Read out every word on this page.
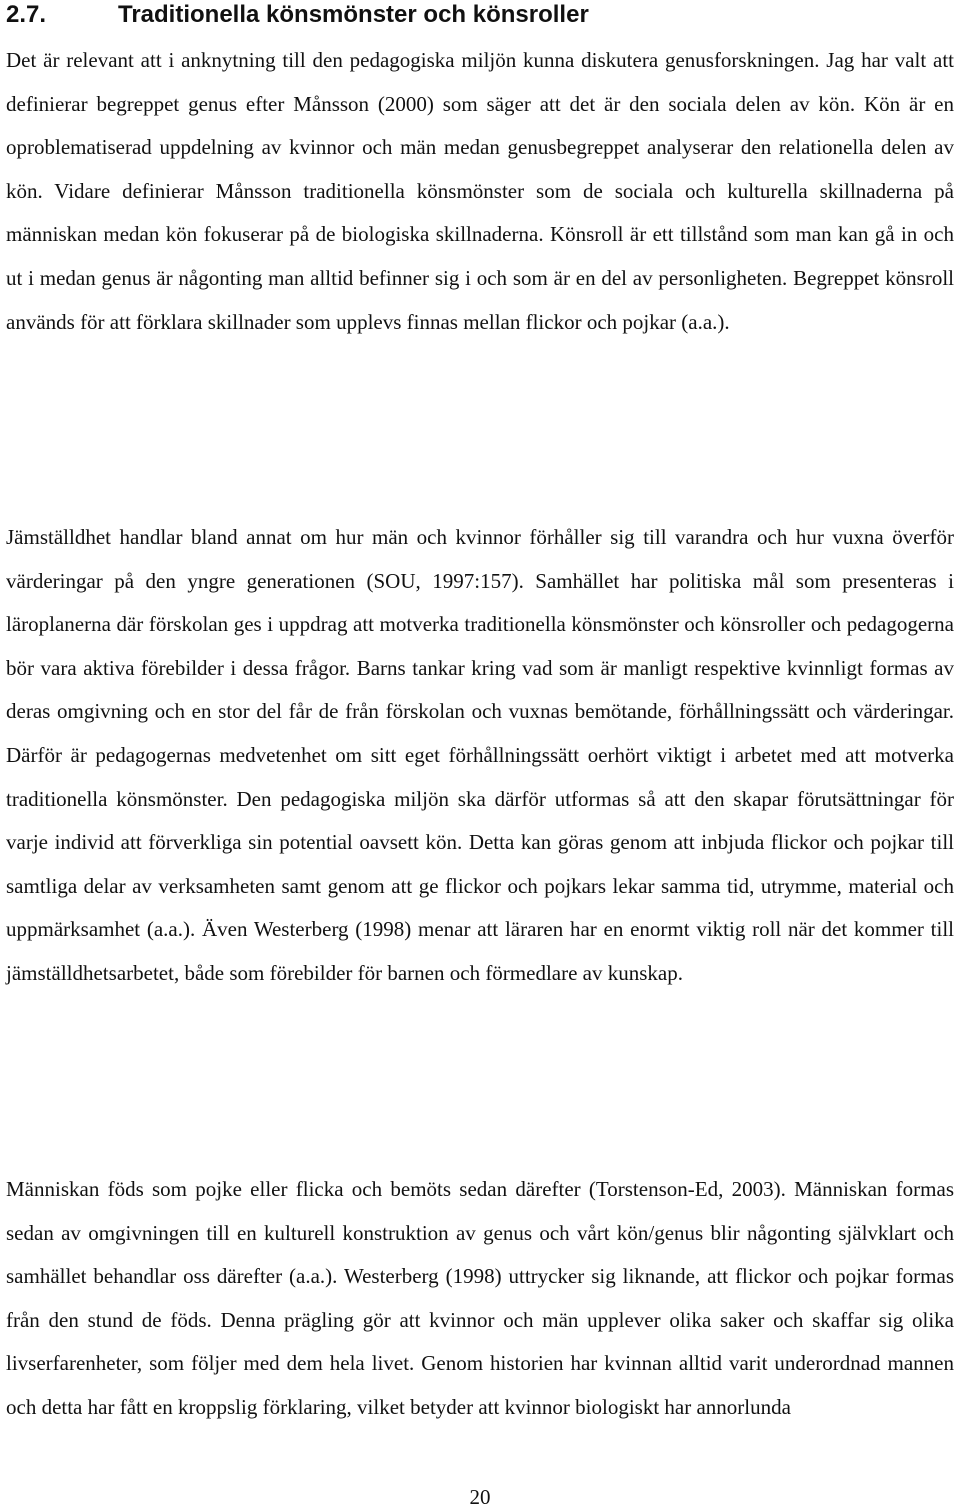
2.7.	Traditionella könsmönster och könsroller

Det är relevant att i anknytning till den pedagogiska miljön kunna diskutera genusforskningen. Jag har valt att definierar begreppet genus efter Månsson (2000) som säger att det är den sociala delen av kön. Kön är en oproblematiserad uppdelning av kvinnor och män medan genusbegreppet analyserar den relationella delen av kön. Vidare definierar Månsson traditionella könsmönster som de sociala och kulturella skillnaderna på människan medan kön fokuserar på de biologiska skillnaderna. Könsroll är ett tillstånd som man kan gå in och ut i medan genus är någonting man alltid befinner sig i och som är en del av personligheten. Begreppet könsroll används för att förklara skillnader som upplevs finnas mellan flickor och pojkar (a.a.).

Jämställdhet handlar bland annat om hur män och kvinnor förhåller sig till varandra och hur vuxna överför värderingar på den yngre generationen (SOU, 1997:157). Samhället har politiska mål som presenteras i läroplanerna där förskolan ges i uppdrag att motverka traditionella könsmönster och könsroller och pedagogerna bör vara aktiva förebilder i dessa frågor. Barns tankar kring vad som är manligt respektive kvinnligt formas av deras omgivning och en stor del får de från förskolan och vuxnas bemötande, förhållningssätt och värderingar. Därför är pedagogernas medvetenhet om sitt eget förhållningssätt oerhört viktigt i arbetet med att motverka traditionella könsmönster. Den pedagogiska miljön ska därför utformas så att den skapar förutsättningar för varje individ att förverkliga sin potential oavsett kön. Detta kan göras genom att inbjuda flickor och pojkar till samtliga delar av verksamheten samt genom att ge flickor och pojkars lekar samma tid, utrymme, material och uppmärksamhet (a.a.). Även Westerberg (1998) menar att läraren har en enormt viktig roll när det kommer till jämställdhetsarbetet, både som förebilder för barnen och förmedlare av kunskap.

Människan föds som pojke eller flicka och bemöts sedan därefter (Torstenson-Ed, 2003). Människan formas sedan av omgivningen till en kulturell konstruktion av genus och vårt kön/genus blir någonting självklart och samhället behandlar oss därefter (a.a.). Westerberg (1998) uttrycker sig liknande, att flickor och pojkar formas från den stund de föds. Denna prägling gör att kvinnor och män upplever olika saker och skaffar sig olika livserfarenheter, som följer med dem hela livet. Genom historien har kvinnan alltid varit underordnad mannen och detta har fått en kroppslig förklaring, vilket betyder att kvinnor biologiskt har annorlunda

20
